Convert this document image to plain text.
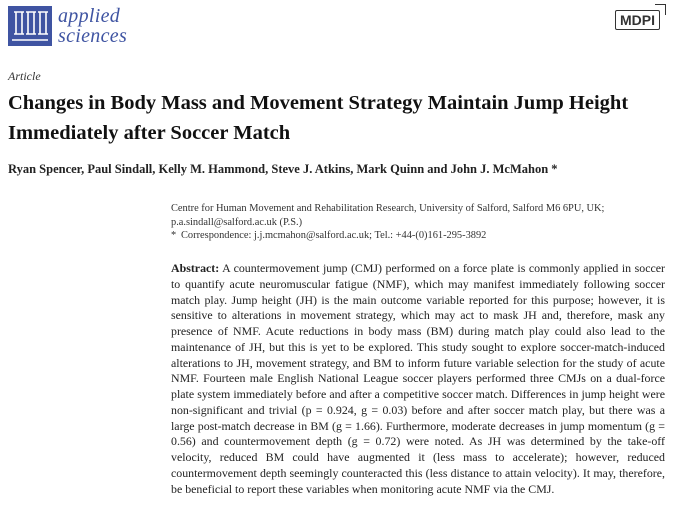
applied
sciences
MDPI
Article
Changes in Body Mass and Movement Strategy Maintain Jump Height Immediately after Soccer Match
Ryan Spencer, Paul Sindall, Kelly M. Hammond, Steve J. Atkins, Mark Quinn and John J. McMahon *
Centre for Human Movement and Rehabilitation Research, University of Salford, Salford M6 6PU, UK;
p.a.sindall@salford.ac.uk (P.S.)
* Correspondence: j.j.mcmahon@salford.ac.uk; Tel.: +44-(0)161-295-3892
Abstract: A countermovement jump (CMJ) performed on a force plate is commonly applied in soccer to quantify acute neuromuscular fatigue (NMF), which may manifest immediately following soccer match play. Jump height (JH) is the main outcome variable reported for this purpose; however, it is sensitive to alterations in movement strategy, which may act to mask JH and, therefore, mask any presence of NMF. Acute reductions in body mass (BM) during match play could also lead to the maintenance of JH, but this is yet to be explored. This study sought to explore soccer-match-induced alterations to JH, movement strategy, and BM to inform future variable selection for the study of acute NMF. Fourteen male English National League soccer players performed three CMJs on a dual-force plate system immediately before and after a competitive soccer match. Differences in jump height were non-significant and trivial (p = 0.924, g = 0.03) before and after soccer match play, but there was a large post-match decrease in BM (g = 1.66). Furthermore, moderate decreases in jump momentum (g = 0.56) and countermovement depth (g = 0.72) were noted. As JH was determined by the take-off velocity, reduced BM could have augmented it (less mass to accelerate); however, reduced countermovement depth seemingly counteracted this (less distance to attain velocity). It may, therefore, be beneficial to report these variables when monitoring acute NMF via the CMJ.
